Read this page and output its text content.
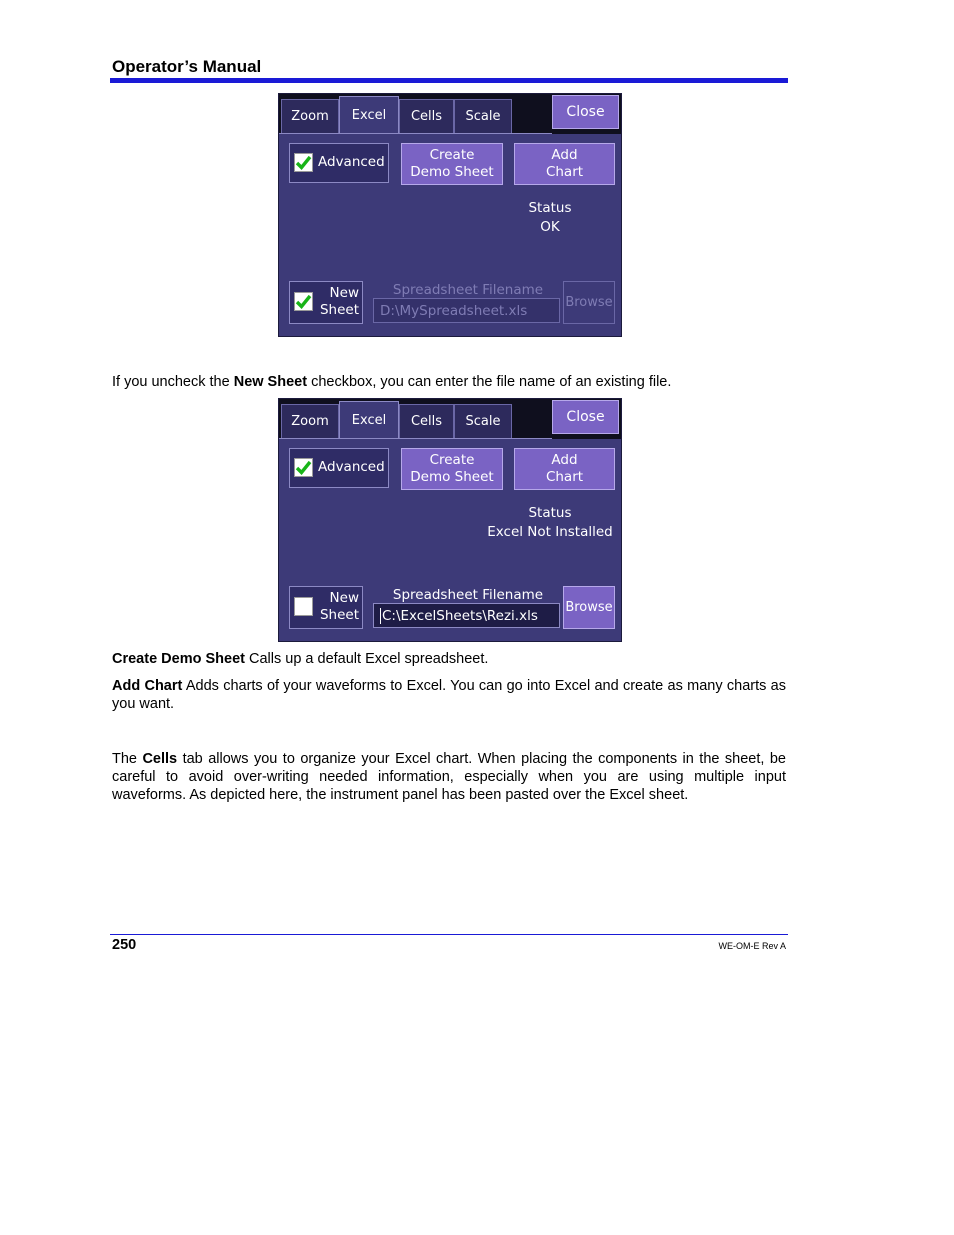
Operator’s Manual
Zoom	Excel	Cells	Scale	Close
Advanced	Create Demo Sheet
Add Chart
Status
OK
New Sheet
Spreadsheet Filename
D:\MySpreadsheet.xls	Browse
If you uncheck the New Sheet checkbox, you can enter the file name of an existing file.
Zoom	Excel	Cells	Scale	Close
Advanced	Create Demo Sheet
Add Chart
Status
Excel Not Installed
New Sheet
Spreadsheet Filename
C:\ExcelSheets\Rezi.xls Browse
Create Demo Sheet Calls up a default Excel spreadsheet.
Add Chart Adds charts of your waveforms to Excel. You can go into Excel and create as many charts as you want.
The Cells tab allows you to organize your Excel chart. When placing the components in the sheet, be careful to avoid over-writing needed information, especially when you are using multiple input waveforms. As depicted here, the instrument panel has been pasted over the Excel sheet.
250	WE-OM-E Rev A
